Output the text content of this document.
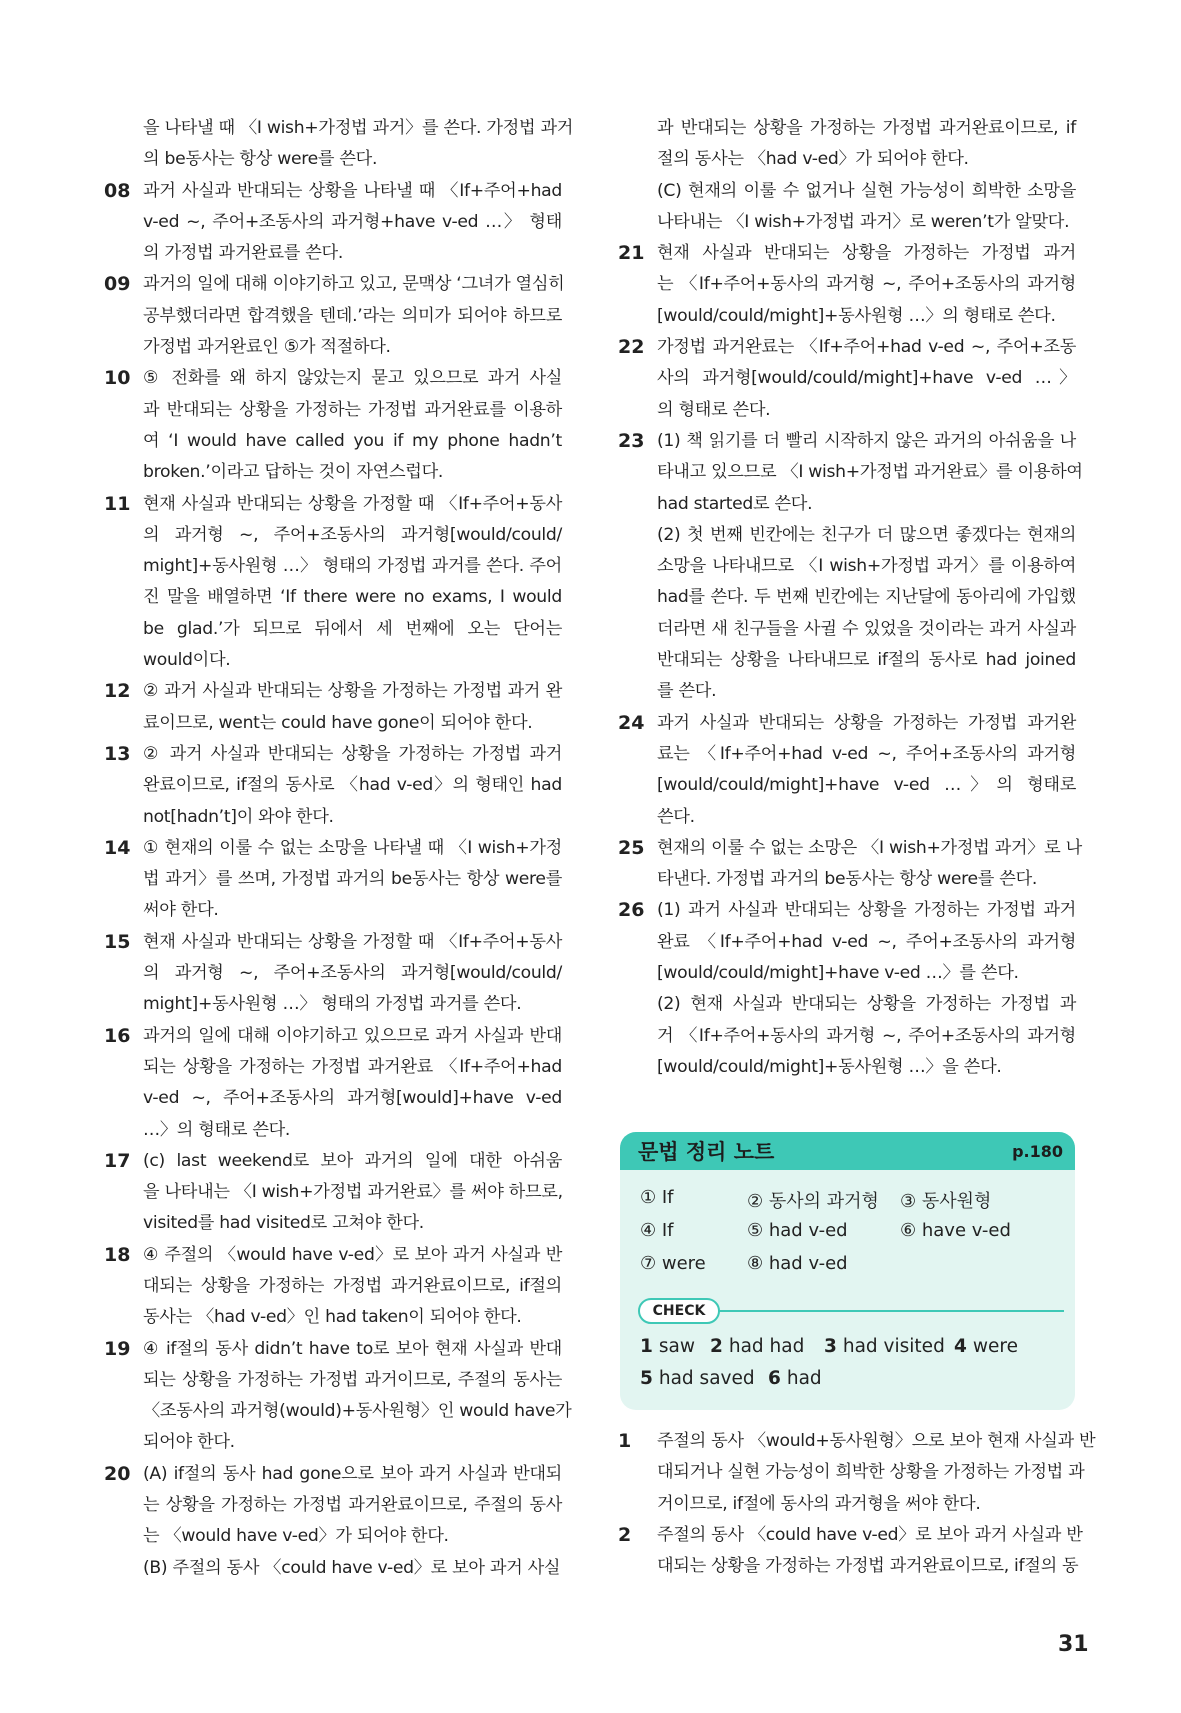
을 나타낼 때 〈I wish+가정법 과거〉를 쓴다. 가정법 과거
의 be동사는 항상 were를 쓴다.
08 과거 사실과 반대되는 상황을 나타낼 때 〈If+주어+had
v-ed ~, 주어+조동사의 과거형+have v-ed …〉 형태
의 가정법 과거완료를 쓴다.
09 과거의 일에 대해 이야기하고 있고, 문맥상 ‘그녀가 열심히
공부했더라면 합격했을 텐데.’라는 의미가 되어야 하므로
가정법 과거완료인 ⑤가 적절하다.
10 ⑤ 전화를 왜 하지 않았는지 묻고 있으므로 과거 사실
과 반대되는 상황을 가정하는 가정법 과거완료를 이용하
여 ‘I would have called you if my phone hadn’t
broken.’이라고 답하는 것이 자연스럽다.
11 현재 사실과 반대되는 상황을 가정할 때 〈If+주어+동사
의 과거형 ~, 주어+조동사의 과거형[would/could/
might]+동사원형 …〉 형태의 가정법 과거를 쓴다. 주어
진 말을 배열하면 ‘If there were no exams, I would
be glad.’가 되므로 뒤에서 세 번째에 오는 단어는
would이다.
12 ② 과거 사실과 반대되는 상황을 가정하는 가정법 과거 완
료이므로, went는 could have gone이 되어야 한다.
13 ② 과거 사실과 반대되는 상황을 가정하는 가정법 과거
완료이므로, if절의 동사로 〈had v-ed〉의 형태인 had
not[hadn’t]이 와야 한다.
14 ① 현재의 이룰 수 없는 소망을 나타낼 때 〈I wish+가정
법 과거〉를 쓰며, 가정법 과거의 be동사는 항상 were를
써야 한다.
15 현재 사실과 반대되는 상황을 가정할 때 〈If+주어+동사
의 과거형 ~, 주어+조동사의 과거형[would/could/
might]+동사원형 …〉 형태의 가정법 과거를 쓴다.
16 과거의 일에 대해 이야기하고 있으므로 과거 사실과 반대
되는 상황을 가정하는 가정법 과거완료 〈If+주어+had
v-ed ~, 주어+조동사의 과거형[would]+have v-ed
…〉의 형태로 쓴다.
17 (c) last weekend로 보아 과거의 일에 대한 아쉬움
을 나타내는 〈I wish+가정법 과거완료〉를 써야 하므로,
visited를 had visited로 고쳐야 한다.
18 ④ 주절의 〈would have v-ed〉로 보아 과거 사실과 반
대되는 상황을 가정하는 가정법 과거완료이므로, if절의
동사는 〈had v-ed〉인 had taken이 되어야 한다.
19 ④ if절의 동사 didn’t have to로 보아 현재 사실과 반대
되는 상황을 가정하는 가정법 과거이므로, 주절의 동사는
〈조동사의 과거형(would)+동사원형〉인 would have가
되어야 한다.
20 (A) if절의 동사 had gone으로 보아 과거 사실과 반대되
는 상황을 가정하는 가정법 과거완료이므로, 주절의 동사
는 〈would have v-ed〉가 되어야 한다.
(B) 주절의 동사 〈could have v-ed〉로 보아 과거 사실
과 반대되는 상황을 가정하는 가정법 과거완료이므로, if
절의 동사는 〈had v-ed〉가 되어야 한다.
(C) 현재의 이룰 수 없거나 실현 가능성이 희박한 소망을
나타내는 〈I wish+가정법 과거〉로 weren’t가 알맞다.
21 현재 사실과 반대되는 상황을 가정하는 가정법 과거
는 〈If+주어+동사의 과거형 ~, 주어+조동사의 과거형
[would/could/might]+동사원형 …〉의 형태로 쓴다.
22 가정법 과거완료는 〈If+주어+had v-ed ~, 주어+조동
사의 과거형[would/could/might]+have v-ed …〉
의 형태로 쓴다.
23 (1) 책 읽기를 더 빨리 시작하지 않은 과거의 아쉬움을 나
타내고 있으므로 〈I wish+가정법 과거완료〉를 이용하여
had started로 쓴다.
(2) 첫 번째 빈칸에는 친구가 더 많으면 좋겠다는 현재의
소망을 나타내므로 〈I wish+가정법 과거〉를 이용하여
had를 쓴다. 두 번째 빈칸에는 지난달에 동아리에 가입했
더라면 새 친구들을 사귈 수 있었을 것이라는 과거 사실과
반대되는 상황을 나타내므로 if절의 동사로 had joined
를 쓴다.
24 과거 사실과 반대되는 상황을 가정하는 가정법 과거완
료는 〈If+주어+had v-ed ~, 주어+조동사의 과거형
[would/could/might]+have v-ed …〉의 형태로
쓴다.
25 현재의 이룰 수 없는 소망은 〈I wish+가정법 과거〉로 나
타낸다. 가정법 과거의 be동사는 항상 were를 쓴다.
26 (1) 과거 사실과 반대되는 상황을 가정하는 가정법 과거
완료 〈If+주어+had v-ed ~, 주어+조동사의 과거형
[would/could/might]+have v-ed …〉를 쓴다.
(2) 현재 사실과 반대되는 상황을 가정하는 가정법 과
거 〈If+주어+동사의 과거형 ~, 주어+조동사의 과거형
[would/could/might]+동사원형 …〉을 쓴다.
문법 정리 노트	p.180
① If	② 동사의 과거형 ③ 동사원형
④ If	⑤ had v-ed	⑥ have v-ed
⑦ were ⑧ had v-ed
CHECK
1 saw 2 had had 3 had visited 4 were
5 had saved 6 had
1 주절의 동사 〈would+동사원형〉으로 보아 현재 사실과 반
대되거나 실현 가능성이 희박한 상황을 가정하는 가정법 과
거이므로, if절에 동사의 과거형을 써야 한다.
2 주절의 동사 〈could have v-ed〉로 보아 과거 사실과 반
대되는 상황을 가정하는 가정법 과거완료이므로, if절의 동
31
